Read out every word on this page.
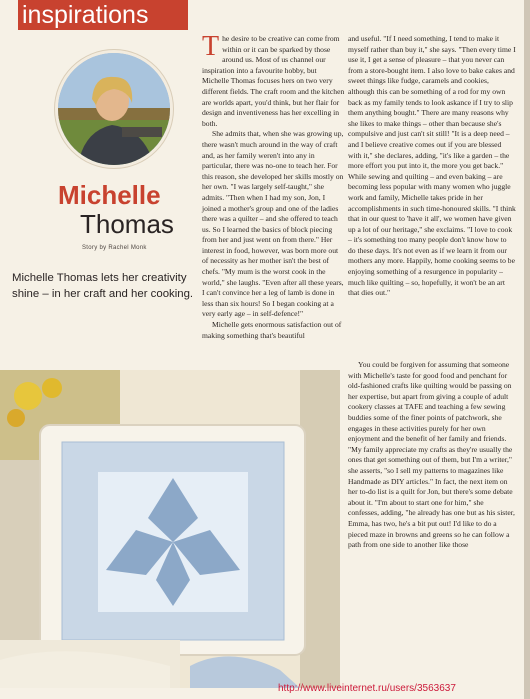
inspirations
Michelle
Thomas
Story by Rachel Monk
Michelle Thomas lets her creativity shine – in her craft and her cooking.

The desire to be creative can come from within or it can be sparked by those around us. Most of us channel our inspiration into a favourite hobby, but Michelle Thomas focuses hers on two very different fields. The craft room and the kitchen are worlds apart, you'd think, but her flair for design and inventiveness has her excelling in both.

She admits that, when she was growing up, there wasn't much around in the way of craft and, as her family weren't into any in particular, there was no-one to teach her. For this reason, she developed her skills mostly on her own. "I was largely self-taught," she admits. "Then when I had my son, Jon, I joined a mother's group and one of the ladies there was a quilter – and she offered to teach us. So I learned the basics of block piecing from her and just went on from there." Her interest in food, however, was born more out of necessity as her mother isn't the best of chefs. "My mum is the worst cook in the world," she laughs. "Even after all these years, I can't convince her a leg of lamb is done in less than six hours! So I began cooking at a very early age – in self-defence!"

Michelle gets enormous satisfaction out of making something that's beautiful

and useful. "If I need something, I tend to make it myself rather than buy it," she says. "Then every time I use it, I get a sense of pleasure – that you never can from a store-bought item. I also love to bake cakes and sweet things like fudge, caramels and cookies, although this can be something of a rod for my own back as my family tends to look askance if I try to slip them anything bought." There are many reasons why she likes to make things – other than because she's compulsive and just can't sit still! "It is a deep need – and I believe creative comes out if you are blessed with it," she declares, adding, "it's like a garden – the more effort you put into it, the more you get back." While sewing and quilting – and even baking – are becoming less popular with many women who juggle work and family, Michelle takes pride in her accomplishments in such time-honoured skills. "I think that in our quest to 'have it all', we women have given up a lot of our heritage," she exclaims. "I love to cook – it's something too many people don't know how to do these days. It's not even as if we learn it from our mothers any more. Happily, home cooking seems to be enjoying something of a resurgence in popularity – much like quilting – so, hopefully, it won't be an art that dies out."

You could be forgiven for assuming that someone with Michelle's taste for good food and penchant for old-fashioned crafts like quilting would be passing on her expertise, but apart from giving a couple of adult cookery classes at TAFE and teaching a few sewing buddies some of the finer points of patchwork, she engages in these activities purely for her own enjoyment and the benefit of her family and friends. "My family appreciate my crafts as they're usually the ones that get something out of them, but I'm a writer," she asserts, "so I sell my patterns to magazines like Handmade as DIY articles." In fact, the next item on her to-do list is a quilt for Jon, but there's some debate about it. "I'm about to start one for him," she confesses, adding, "he already has one but as his sister, Emma, has two, he's a bit put out! I'd like to do a pieced maze in browns and greens so he can follow a path from one side to another like those

http://www.liveinternet.ru/users/3563637
